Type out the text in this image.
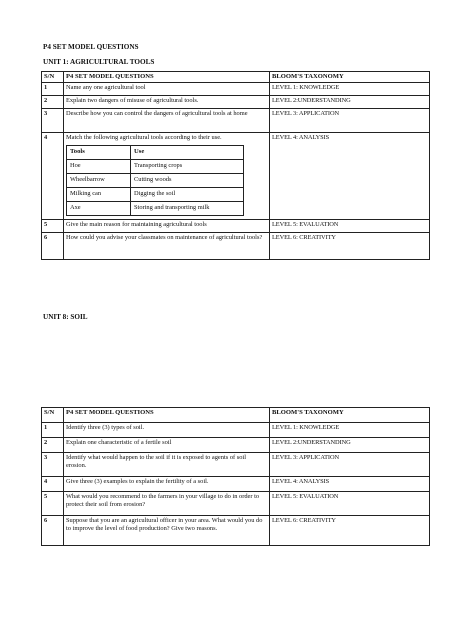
P4 SET MODEL QUESTIONS
UNIT 1: AGRICULTURAL TOOLS
S/N	P4 SET MODEL QUESTIONS	BLOOM'S TAXONOMY
1	Name any one agricultural tool	LEVEL 1: KNOWLEDGE
2	Explain two dangers of misuse of agricultural tools.	LEVEL 2:UNDERSTANDING
3	Describe how you can control the dangers of agricultural tools at home	LEVEL 3: APPLICATION
4	Match the following agricultural tools according to their use.
Tools	Use
Hoe	Transporting crops
Wheelbarrow	Cutting woods
Milking can	Digging the soil
Axe	Storing and transporting milk
	LEVEL 4: ANALYSIS
5	Give the main reason for maintaining agricultural tools	LEVEL 5: EVALUATION
6	How could you advise your classmates on maintenance of agricultural tools?	LEVEL 6: CREATIVITY
UNIT 8: SOIL
S/N	P4 SET MODEL QUESTIONS	BLOOM'S TAXONOMY
1	Identify three (3) types of soil.	LEVEL 1: KNOWLEDGE
2	Explain one characteristic of a fertile soil	LEVEL 2:UNDERSTANDING
3	Identify what would happen to the soil if it is exposed to agents of soil erosion.	LEVEL 3: APPLICATION
4	Give three (3) examples to explain the fertility of a soil.	LEVEL 4: ANALYSIS
5	What would you recommend to the farmers in your village to do in order to protect their soil from erosion?	LEVEL 5: EVALUATION
6	Suppose that you are an agricultural officer in your area. What would you do to improve the level of food production? Give two reasons.	LEVEL 6: CREATIVITY
